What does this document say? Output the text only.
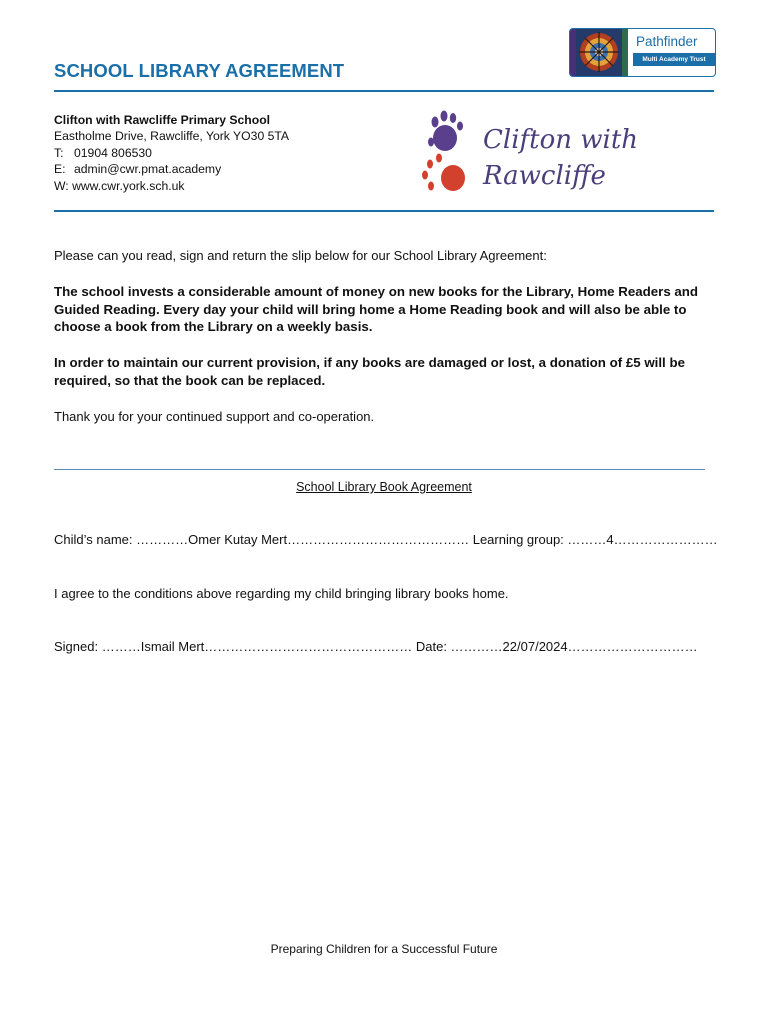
SCHOOL LIBRARY AGREEMENT
Pathfinder
Multi Academy Trust
Clifton with Rawcliffe Primary School
Eastholme Drive, Rawcliffe, York YO30 5TA
T: 01904 806530
E: admin@cwr.pmat.academy
W: www.cwr.york.sch.uk
Clifton with
Rawcliffe

Please can you read, sign and return the slip below for our School Library Agreement:

The school invests a considerable amount of money on new books for the Library, Home Readers and Guided Reading. Every day your child will bring home a Home Reading book and will also be able to choose a book from the Library on a weekly basis.

In order to maintain our current provision, if any books are damaged or lost, a donation of £5 will be required, so that the book can be replaced.

Thank you for your continued support and co-operation.

School Library Book Agreement
Child’s name: …………Omer Kutay Mert…………………………………… Learning group: ………4……………………
I agree to the conditions above regarding my child bringing library books home.
Signed: ………Ismail Mert………………………………………… Date: …………22/07/2024…………………………
Preparing Children for a Successful Future
